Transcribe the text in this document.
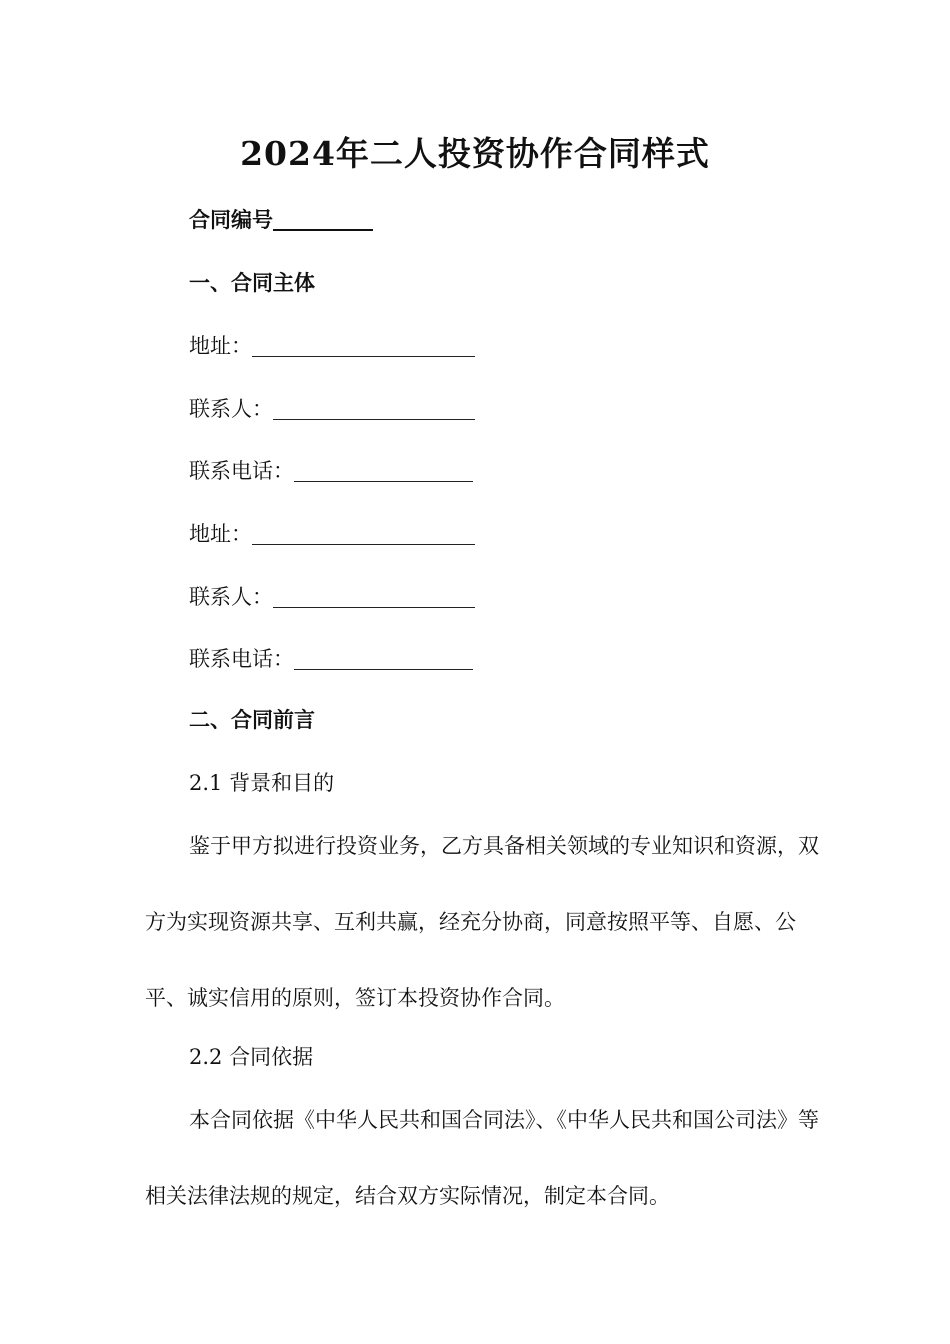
2024年二人投资协作合同样式
合同编号
一、合同主体
地址：
联系人：
联系电话：
地址：
联系人：
联系电话：
二、合同前言
2.1 背景和目的
鉴于甲方拟进行投资业务，乙方具备相关领域的专业知识和资源，双方为实现资源共享、互利共赢，经充分协商，同意按照平等、自愿、公平、诚实信用的原则，签订本投资协作合同。
2.2 合同依据
本合同依据《中华人民共和国合同法》、《中华人民共和国公司法》等相关法律法规的规定，结合双方实际情况，制定本合同。
